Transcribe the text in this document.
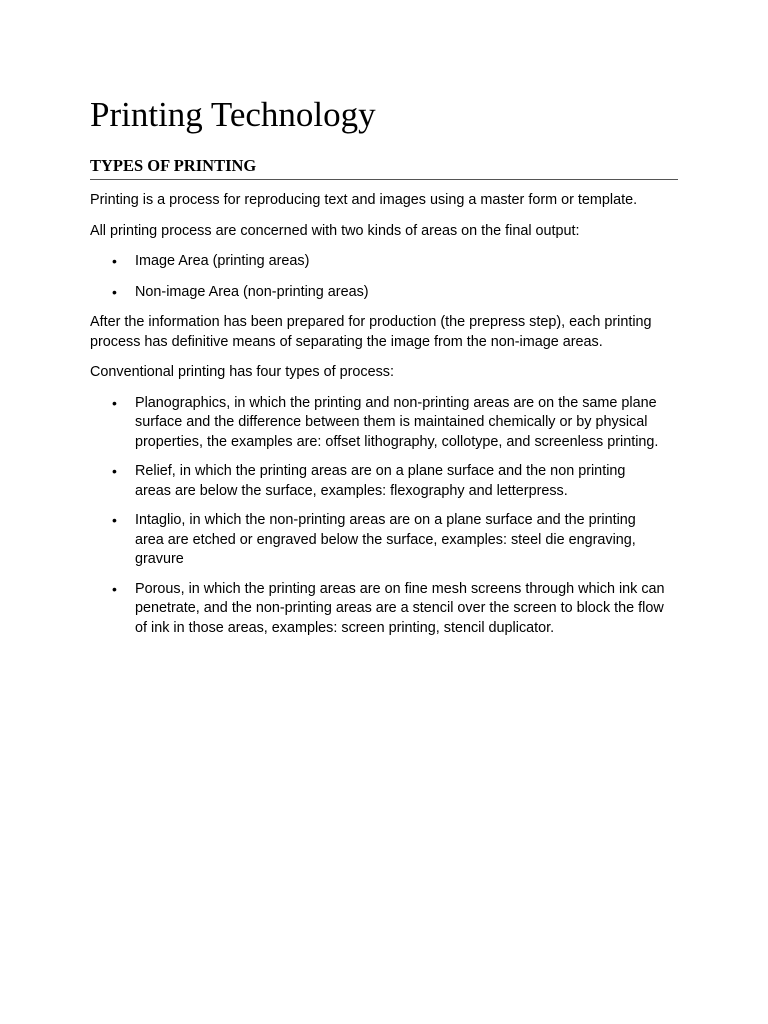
Printing Technology
TYPES OF PRINTING

Printing is a process for reproducing text and images using a master form or template.

All printing process are concerned with two kinds of areas on the final output:

• Image Area (printing areas)
• Non-image Area (non-printing areas)

After the information has been prepared for production (the prepress step), each printing process has definitive means of separating the image from the non-image areas.

Conventional printing has four types of process:

• Planographics, in which the printing and non-printing areas are on the same plane surface and the difference between them is maintained chemically or by physical properties, the examples are: offset lithography, collotype, and screenless printing.
• Relief, in which the printing areas are on a plane surface and the non printing areas are below the surface, examples: flexography and letterpress.
• Intaglio, in which the non-printing areas are on a plane surface and the printing area are etched or engraved below the surface, examples: steel die engraving, gravure
• Porous, in which the printing areas are on fine mesh screens through which ink can penetrate, and the non-printing areas are a stencil over the screen to block the flow of ink in those areas, examples: screen printing, stencil duplicator.
